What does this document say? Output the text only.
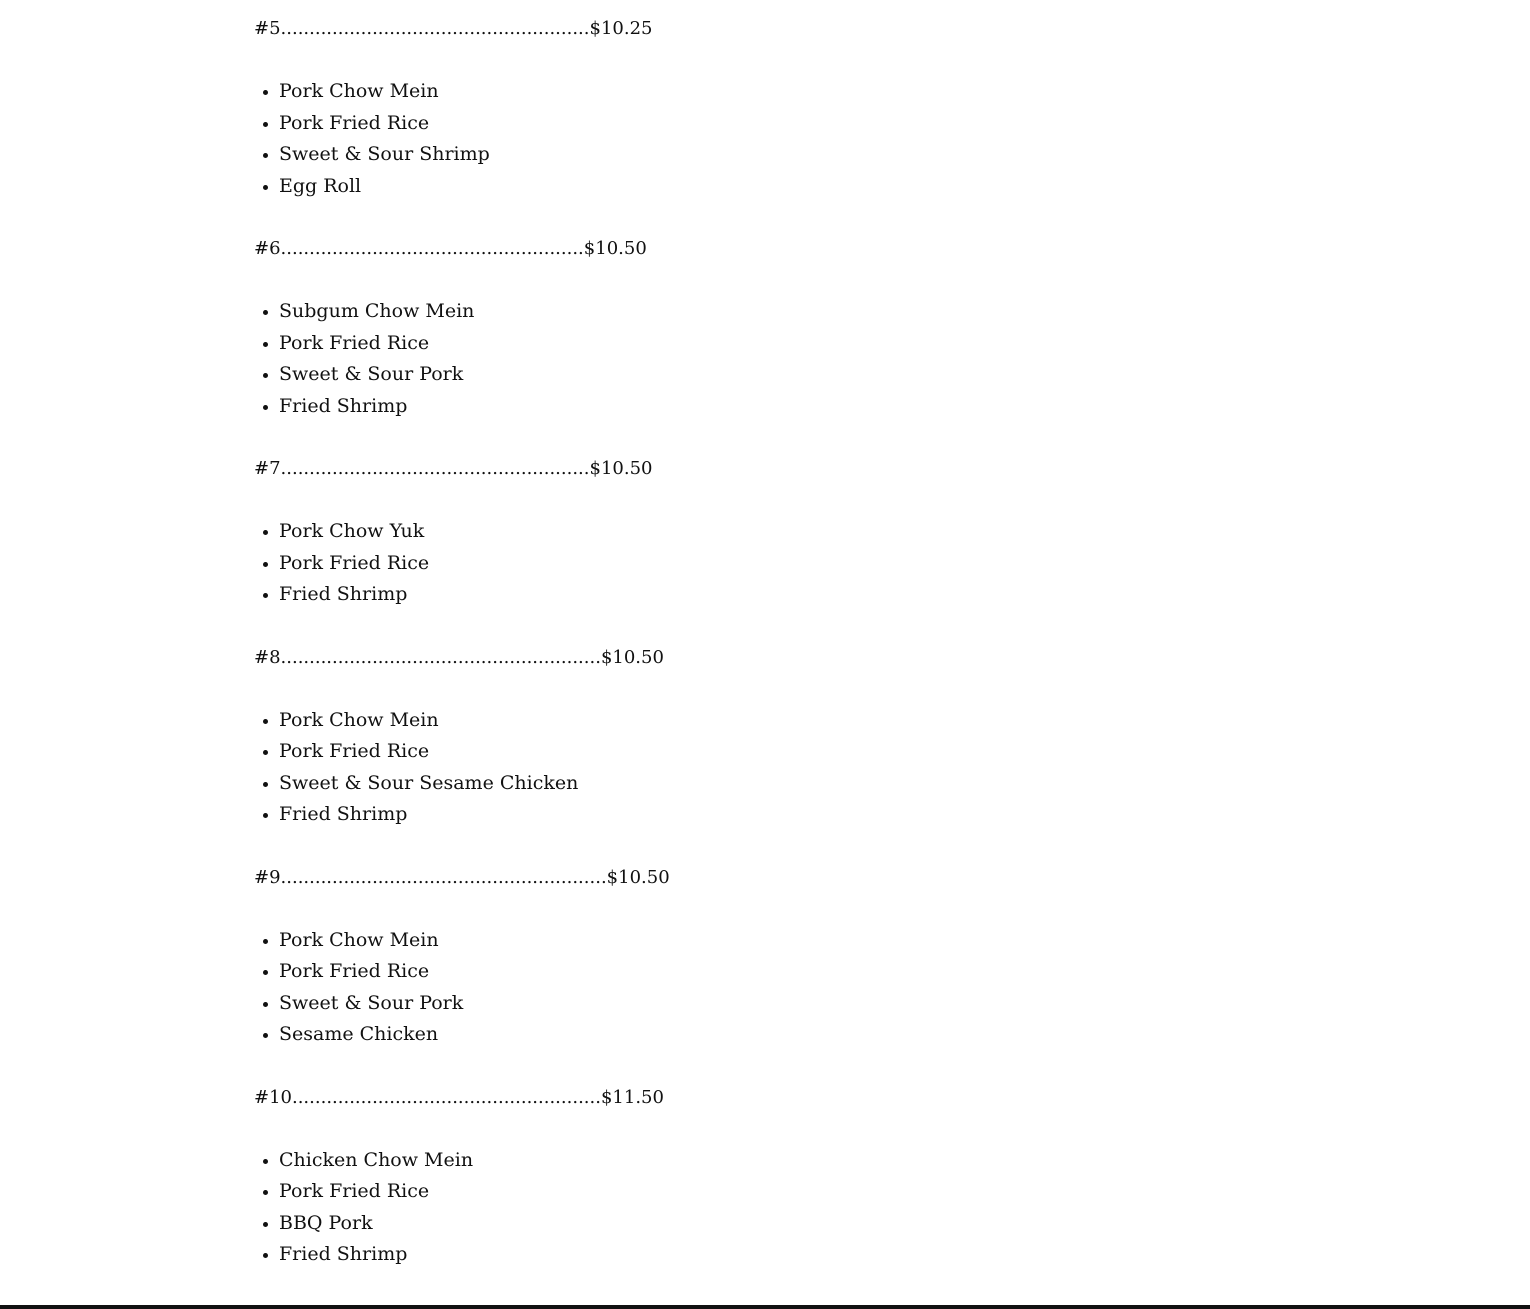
#5......................................................$10.25

• Pork Chow Mein
• Pork Fried Rice
• Sweet & Sour Shrimp
• Egg Roll

#6.....................................................$10.50

• Subgum Chow Mein
• Pork Fried Rice
• Sweet & Sour Pork
• Fried Shrimp

#7......................................................$10.50

• Pork Chow Yuk
• Pork Fried Rice
• Fried Shrimp

#8........................................................$10.50

• Pork Chow Mein
• Pork Fried Rice
• Sweet & Sour Sesame Chicken
• Fried Shrimp

#9.........................................................$10.50

• Pork Chow Mein
• Pork Fried Rice
• Sweet & Sour Pork
• Sesame Chicken

#10......................................................$11.50

• Chicken Chow Mein
• Pork Fried Rice
• BBQ Pork
• Fried Shrimp
